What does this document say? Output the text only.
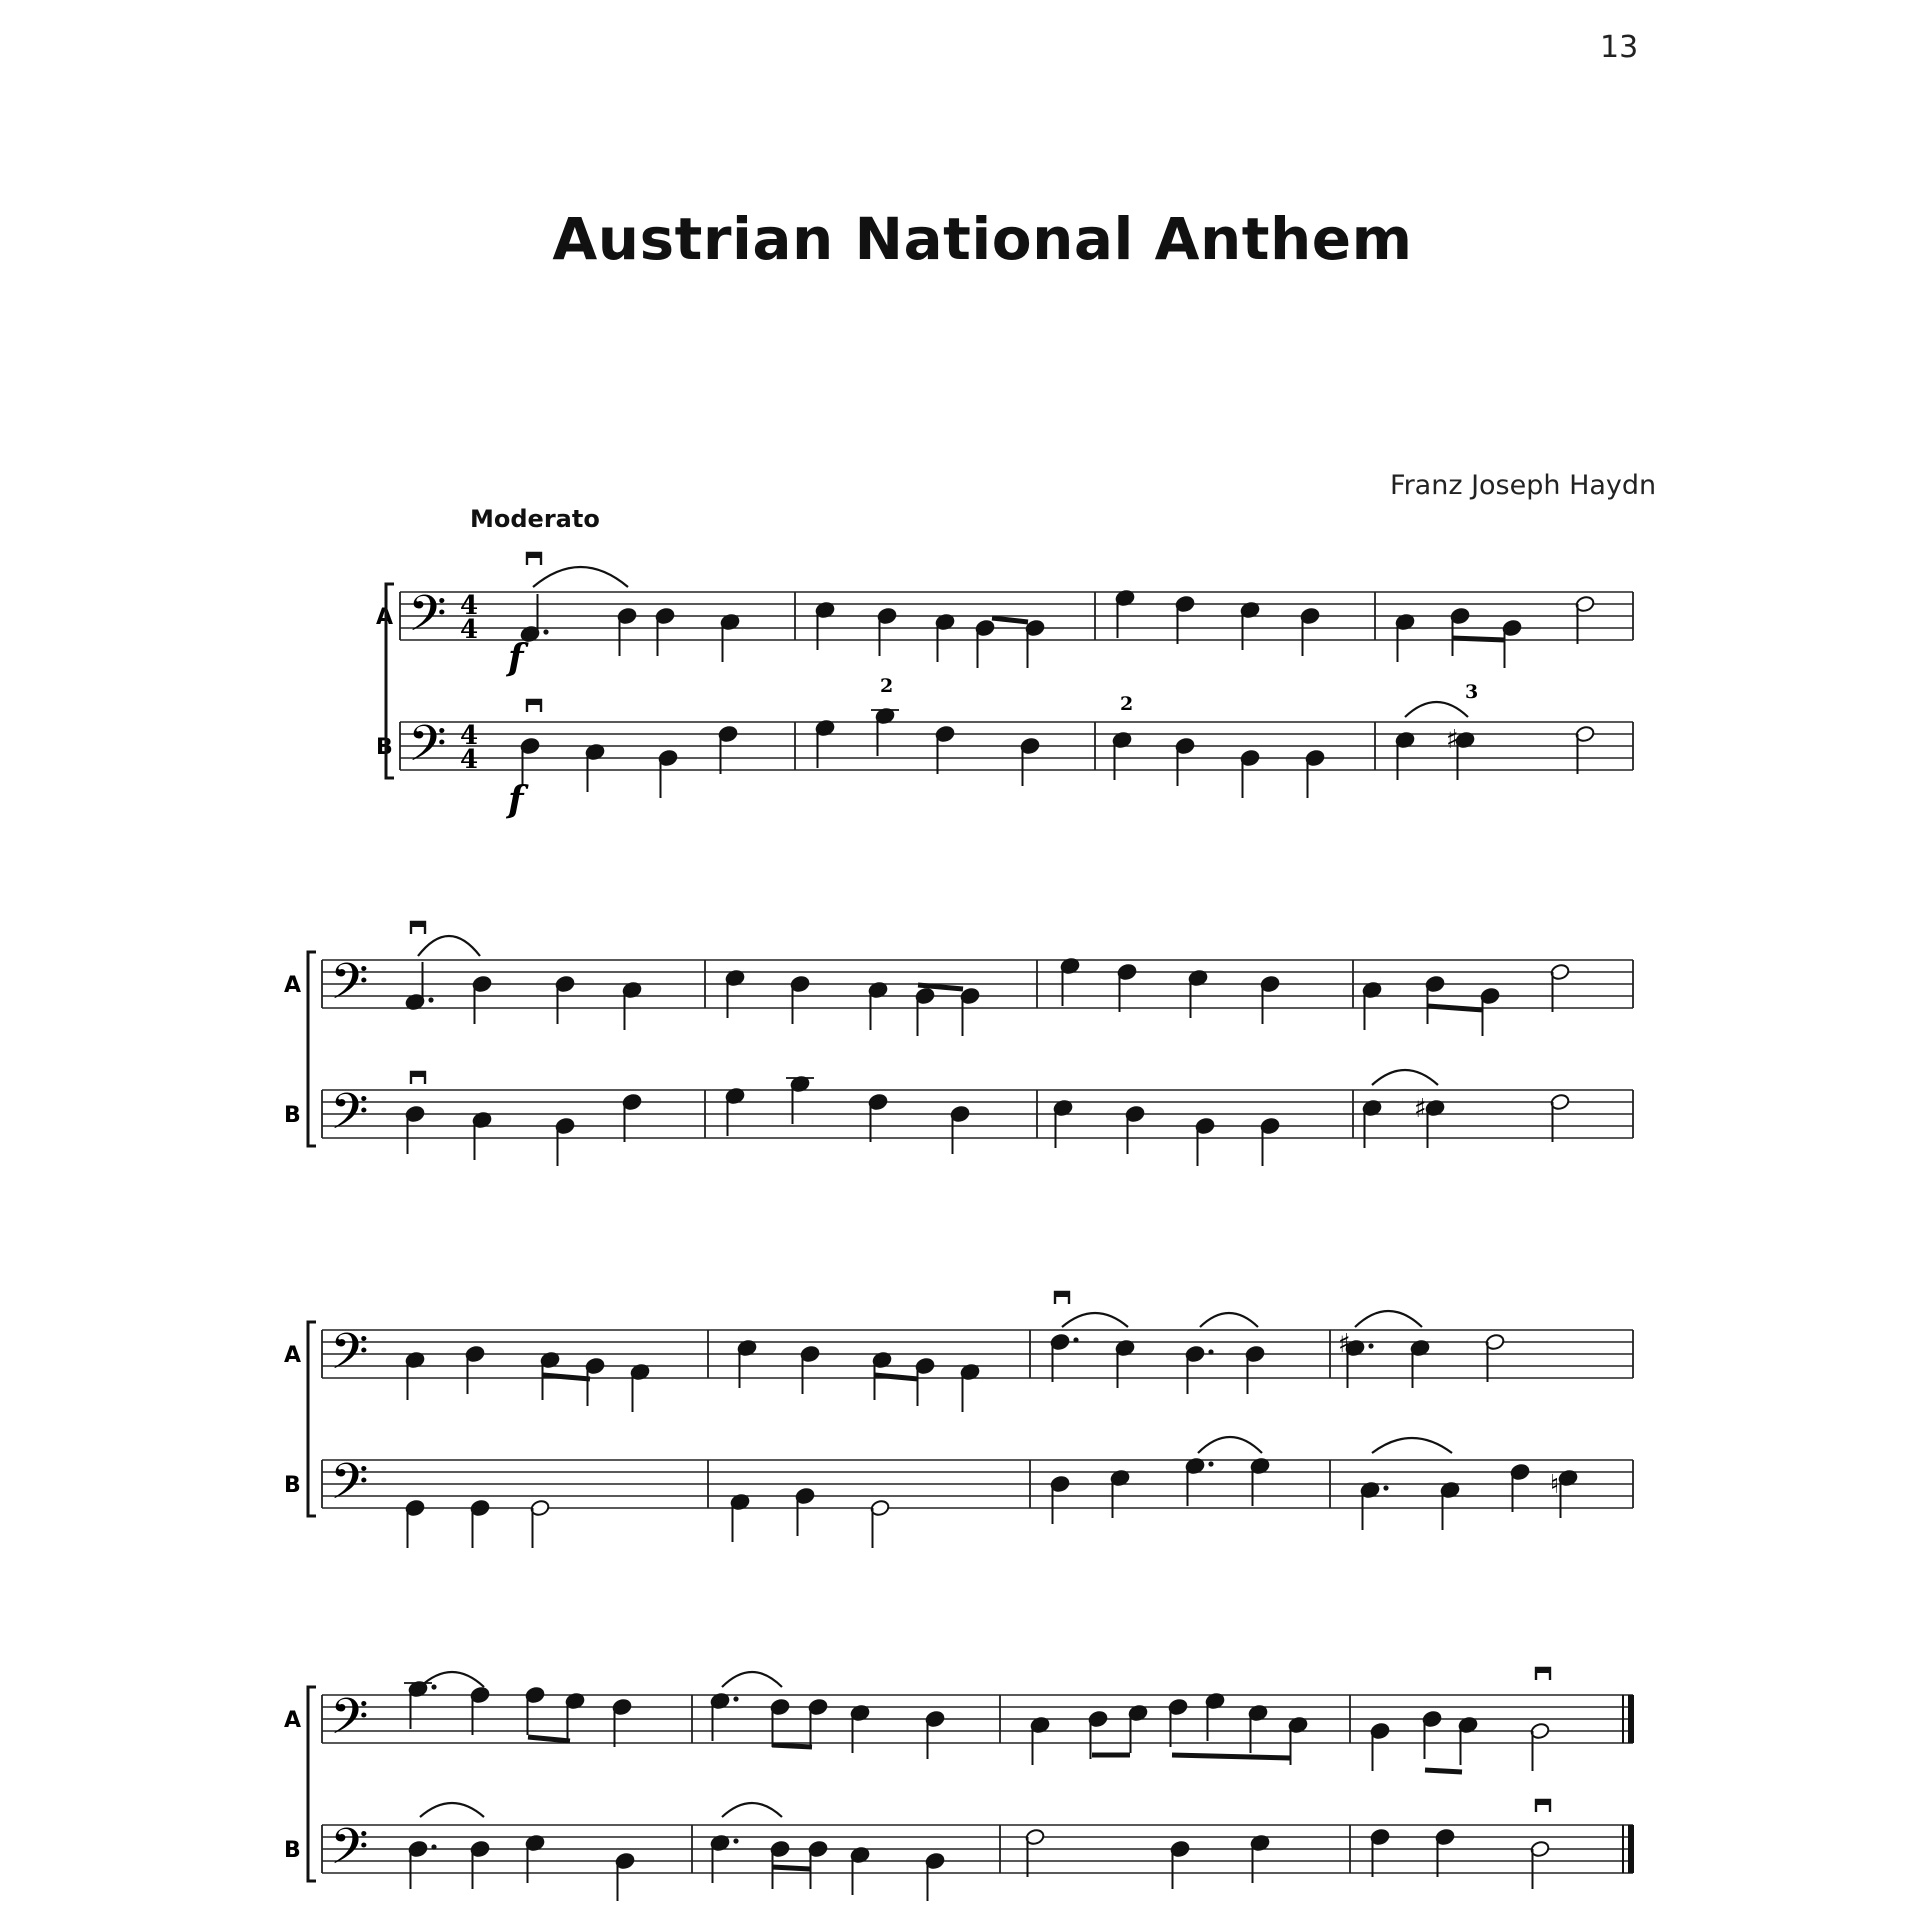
13
Austrian National Anthem
Franz Joseph Haydn
Moderato
𝄢
A	4
4
𝄢
B	4
4
𝄢
A
𝄢
B
𝄢
A
𝄢
B
𝄢
A
𝄢
B
f
f
2
2
3
♯
♯
♯
♮
